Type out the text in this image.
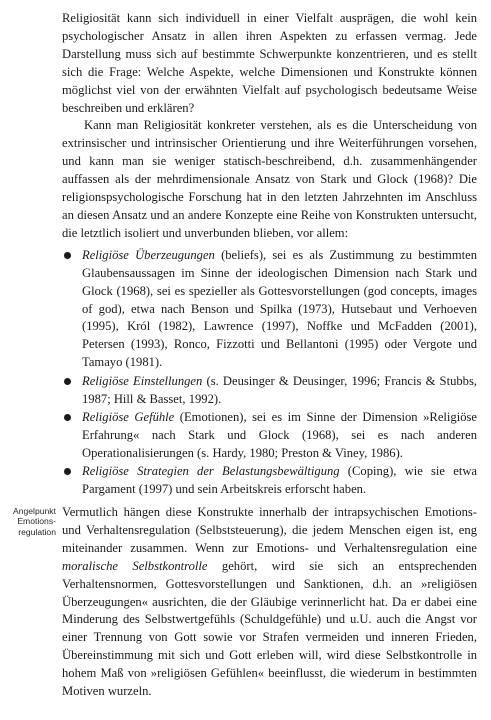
Religiosität kann sich individuell in einer Vielfalt ausprägen, die wohl kein psychologischer Ansatz in allen ihren Aspekten zu erfassen vermag. Jede Darstellung muss sich auf bestimmte Schwerpunkte konzentrieren, und es stellt sich die Frage: Welche Aspekte, welche Dimensionen und Konstrukte können möglichst viel von der erwähnten Vielfalt auf psychologisch bedeutsame Weise beschreiben und erklären?

Kann man Religiosität konkreter verstehen, als es die Unterscheidung von extrinsischer und intrinsischer Orientierung und ihre Weiterführungen vorsehen, und kann man sie weniger statisch-beschreibend, d.h. zusammenhängender auffassen als der mehrdimensionale Ansatz von Stark und Glock (1968)? Die religionspsychologische Forschung hat in den letzten Jahrzehnten im Anschluss an diesen Ansatz und an andere Konzepte eine Reihe von Konstrukten untersucht, die letztlich isoliert und unverbunden blieben, vor allem:

Religiöse Überzeugungen (beliefs), sei es als Zustimmung zu bestimmten Glaubensaussagen im Sinne der ideologischen Dimension nach Stark und Glock (1968), sei es spezieller als Gottesvorstellungen (god concepts, images of god), etwa nach Benson und Spilka (1973), Hutsebaut und Verhoeven (1995), Król (1982), Lawrence (1997), Noffke und McFadden (2001), Petersen (1993), Ronco, Fizzotti und Bellantoni (1995) oder Vergote und Tamayo (1981).
Religiöse Einstellungen (s. Deusinger & Deusinger, 1996; Francis & Stubbs, 1987; Hill & Basset, 1992).
Religiöse Gefühle (Emotionen), sei es im Sinne der Dimension »Religiöse Erfahrung« nach Stark und Glock (1968), sei es nach anderen Operationalisierungen (s. Hardy, 1980; Preston & Viney, 1986).
Religiöse Strategien der Belastungsbewältigung (Coping), wie sie etwa Pargament (1997) und sein Arbeitskreis erforscht haben.
Angelpunkt
Emotions-
regulation

Vermutlich hängen diese Konstrukte innerhalb der intrapsychischen Emotions- und Verhaltensregulation (Selbststeuerung), die jedem Menschen eigen ist, eng miteinander zusammen. Wenn zur Emotions- und Verhaltensregulation eine moralische Selbstkontrolle gehört, wird sie sich an entsprechenden Verhaltensnormen, Gottesvorstellungen und Sanktionen, d.h. an »religiösen Überzeugungen« ausrichten, die der Gläubige verinnerlicht hat. Da er dabei eine Minderung des Selbstwertgefühls (Schuldgefühle) und u.U. auch die Angst vor einer Trennung von Gott sowie vor Strafen vermeiden und inneren Frieden, Übereinstimmung mit sich und Gott erleben will, wird diese Selbstkontrolle in hohem Maß von »religiösen Gefühlen« beeinflusst, die wiederum in bestimmten Motiven wurzeln.
